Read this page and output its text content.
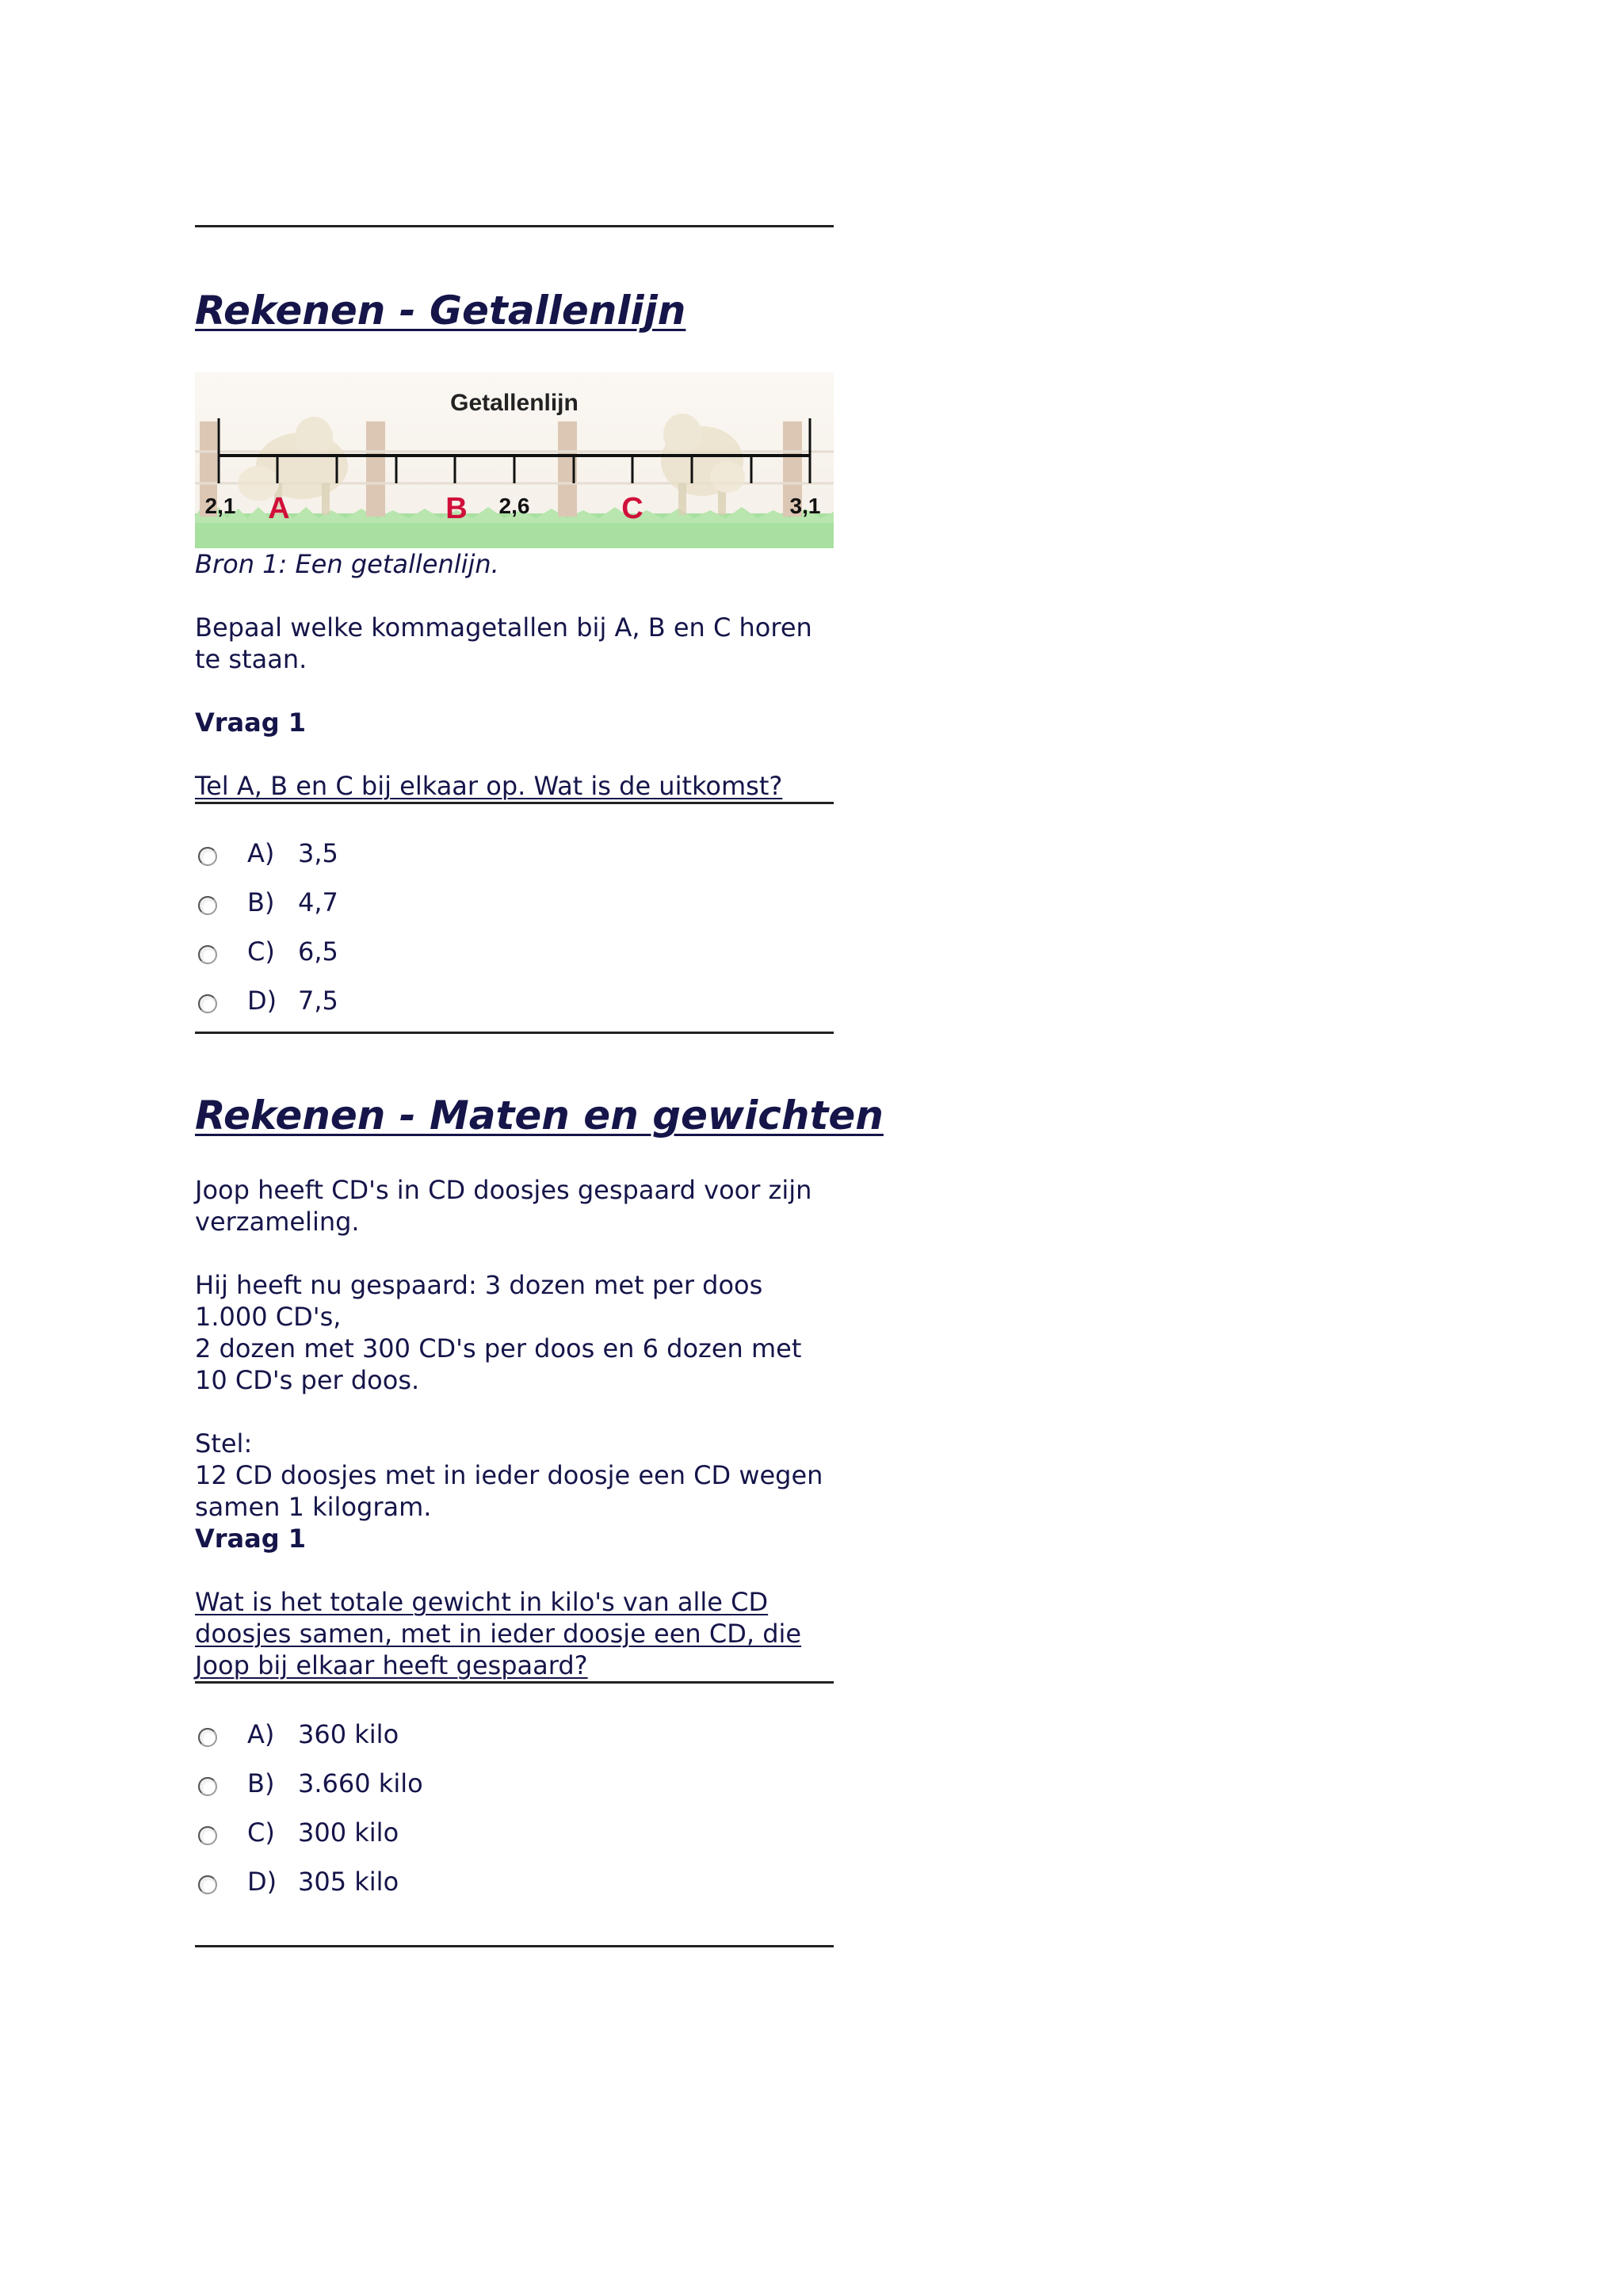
Rekenen - Getallenlijn
Getallenlijn
2,1	2,6	3,1
A	B	C

Bron 1: Een getallenlijn.

Bepaal welke kommagetallen bij A, B en C horen te staan.

Vraag 1

Tel A, B en C bij elkaar op. Wat is de uitkomst?

A) 3,5
B) 4,7
C) 6,5
D) 7,5
Rekenen - Maten en gewichten

Joop heeft CD's in CD doosjes gespaard voor zijn verzameling.

Hij heeft nu gespaard: 3 dozen met per doos 1.000 CD's,

2 dozen met 300 CD's per doos en 6 dozen met 10 CD's per doos.

Stel:

12 CD doosjes met in ieder doosje een CD wegen samen 1 kilogram.

Vraag 1

Wat is het totale gewicht in kilo's van alle CD doosjes samen, met in ieder doosje een CD, die Joop bij elkaar heeft gespaard?

A) 360 kilo
B) 3.660 kilo
C) 300 kilo
D) 305 kilo
